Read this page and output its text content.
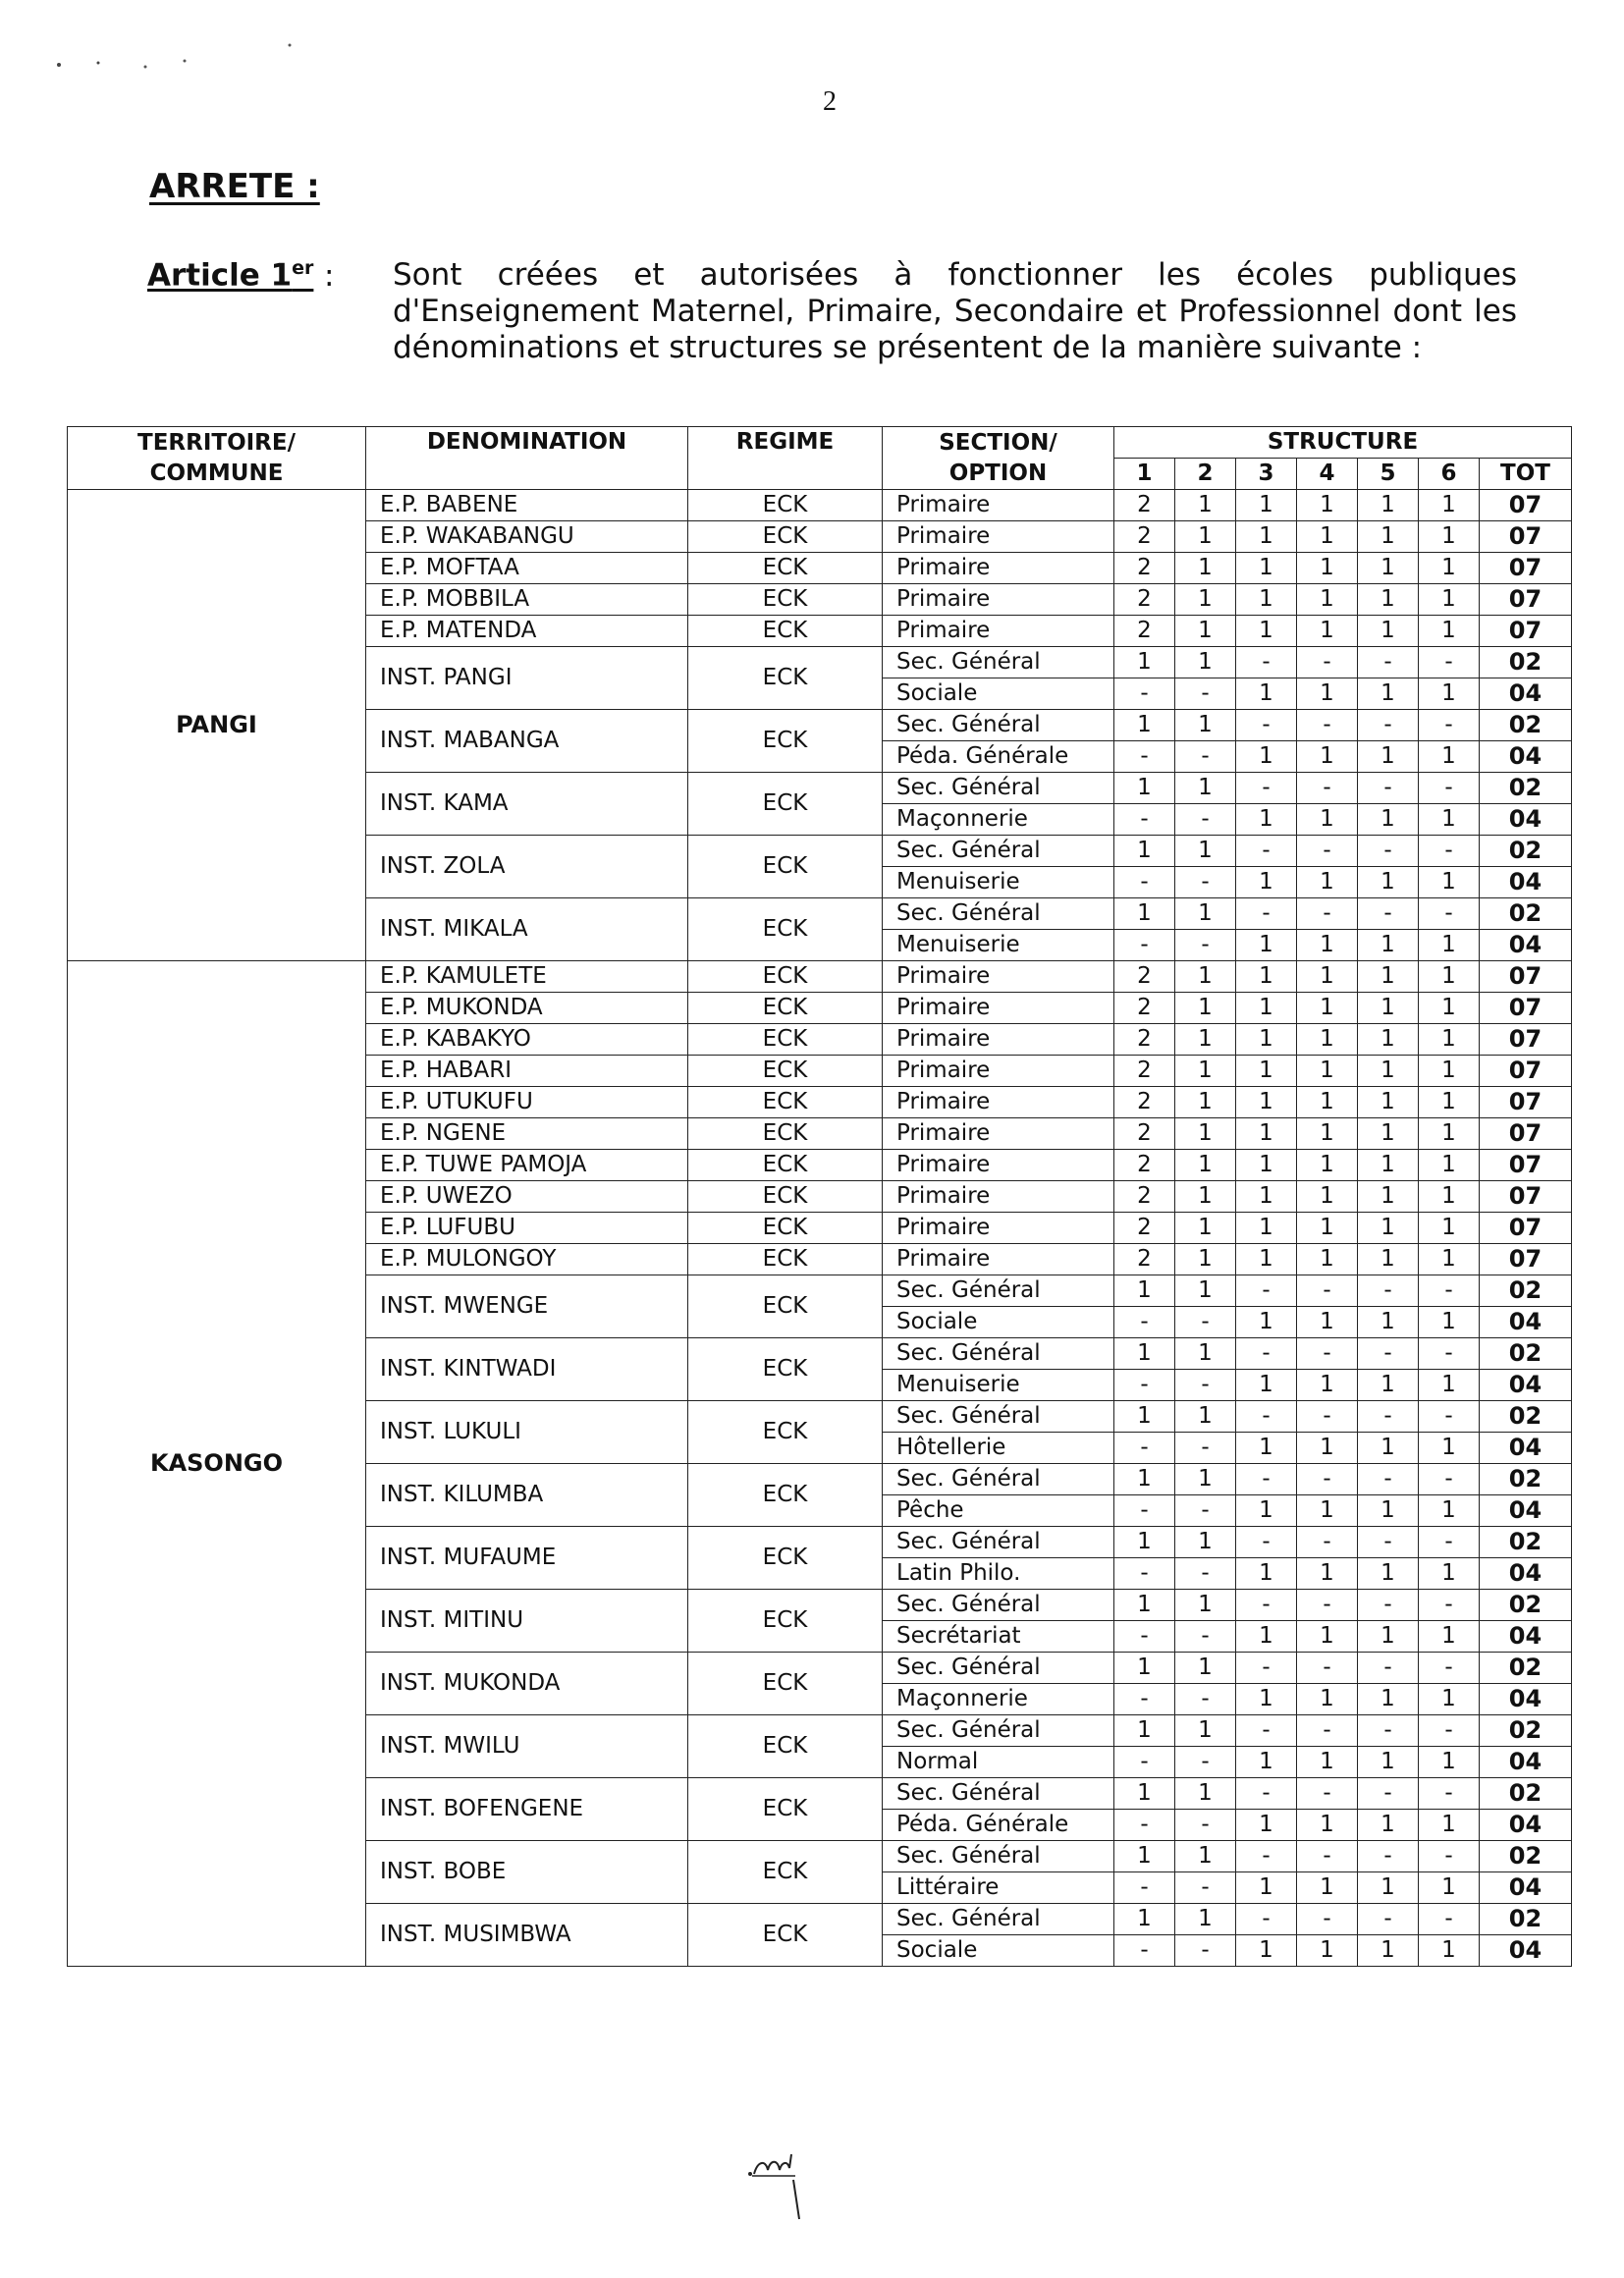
2
ARRETE :
Article 1er : Sont créées et autorisées à fonctionner les écoles publiques d'Enseignement Maternel, Primaire, Secondaire et Professionnel dont les dénominations et structures se présentent de la manière suivante :
TERRITOIRE/ COMMUNE	DENOMINATION	REGIME	SECTION/ OPTION	STRUCTURE						
				1	2	3	4	5	6	TOT
PANGI	E.P. BABENE	ECK	Primaire	2	1	1	1	1	1	07
	E.P. WAKABANGU	ECK	Primaire	2	1	1	1	1	1	07
	E.P. MOFTAA	ECK	Primaire	2	1	1	1	1	1	07
	E.P. MOBBILA	ECK	Primaire	2	1	1	1	1	1	07
	E.P. MATENDA	ECK	Primaire	2	1	1	1	1	1	07
	INST. PANGI	ECK	Sec. Général	1	1	-	-	-	-	02
			Sociale	-	-	1	1	1	1	04
	INST. MABANGA	ECK	Sec. Général	1	1	-	-	-	-	02
			Péda. Générale	-	-	1	1	1	1	04
	INST. KAMA	ECK	Sec. Général	1	1	-	-	-	-	02
			Maçonnerie	-	-	1	1	1	1	04
	INST. ZOLA	ECK	Sec. Général	1	1	-	-	-	-	02
			Menuiserie	-	-	1	1	1	1	04
	INST. MIKALA	ECK	Sec. Général	1	1	-	-	-	-	02
			Menuiserie	-	-	1	1	1	1	04
KASONGO	E.P. KAMULETE	ECK	Primaire	2	1	1	1	1	1	07
	E.P. MUKONDA	ECK	Primaire	2	1	1	1	1	1	07
	E.P. KABAKYO	ECK	Primaire	2	1	1	1	1	1	07
	E.P. HABARI	ECK	Primaire	2	1	1	1	1	1	07
	E.P. UTUKUFU	ECK	Primaire	2	1	1	1	1	1	07
	E.P. NGENE	ECK	Primaire	2	1	1	1	1	1	07
	E.P. TUWE PAMOJA	ECK	Primaire	2	1	1	1	1	1	07
	E.P. UWEZO	ECK	Primaire	2	1	1	1	1	1	07
	E.P. LUFUBU	ECK	Primaire	2	1	1	1	1	1	07
	E.P. MULONGOY	ECK	Primaire	2	1	1	1	1	1	07
	INST. MWENGE	ECK	Sec. Général	1	1	-	-	-	-	02
			Sociale	-	-	1	1	1	1	04
	INST. KINTWADI	ECK	Sec. Général	1	1	-	-	-	-	02
			Menuiserie	-	-	1	1	1	1	04
	INST. LUKULI	ECK	Sec. Général	1	1	-	-	-	-	02
			Hôtellerie	-	-	1	1	1	1	04
	INST. KILUMBA	ECK	Sec. Général	1	1	-	-	-	-	02
			Pêche	-	-	1	1	1	1	04
	INST. MUFAUME	ECK	Sec. Général	1	1	-	-	-	-	02
			Latin Philo.	-	-	1	1	1	1	04
	INST. MITINU	ECK	Sec. Général	1	1	-	-	-	-	02
			Secrétariat	-	-	1	1	1	1	04
	INST. MUKONDA	ECK	Sec. Général	1	1	-	-	-	-	02
			Maçonnerie	-	-	1	1	1	1	04
	INST. MWILU	ECK	Sec. Général	1	1	-	-	-	-	02
			Normal	-	-	1	1	1	1	04
	INST. BOFENGENE	ECK	Sec. Général	1	1	-	-	-	-	02
			Péda. Générale	-	-	1	1	1	1	04
	INST. BOBE	ECK	Sec. Général	1	1	-	-	-	-	02
			Littéraire	-	-	1	1	1	1	04
	INST. MUSIMBWA	ECK	Sec. Général	1	1	-	-	-	-	02
			Sociale	-	-	1	1	1	1	04
